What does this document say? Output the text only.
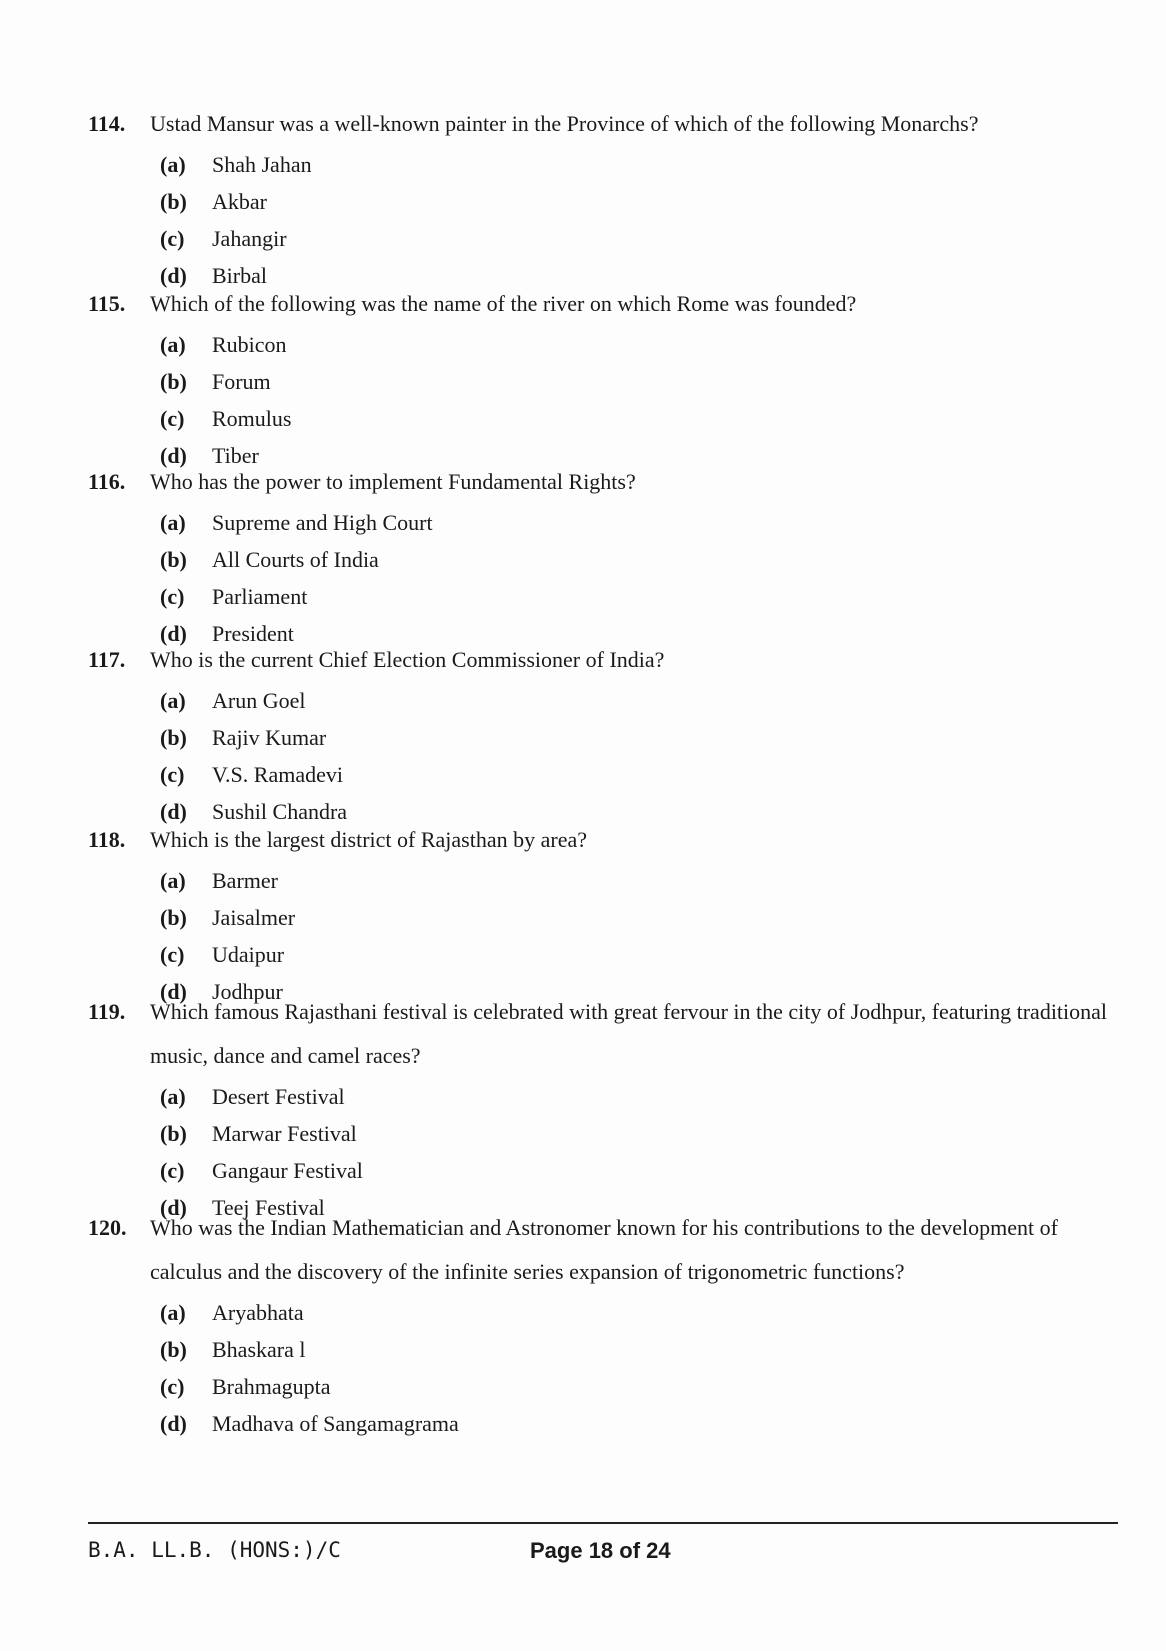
114.	Ustad Mansur was a well-known painter in the Province of which of the following Monarchs?
(a)	Shah Jahan
(b)	Akbar
(c)	Jahangir
(d)	Birbal
115.	Which of the following was the name of the river on which Rome was founded?
(a)	Rubicon
(b)	Forum
(c)	Romulus
(d)	Tiber
116.	Who has the power to implement Fundamental Rights?
(a)	Supreme and High Court
(b)	All Courts of India
(c)	Parliament
(d)	President
117.	Who is the current Chief Election Commissioner of India?
(a)	Arun Goel
(b)	Rajiv Kumar
(c)	V.S. Ramadevi
(d)	Sushil Chandra
118.	Which is the largest district of Rajasthan by area?
(a)	Barmer
(b)	Jaisalmer
(c)	Udaipur
(d)	Jodhpur
119.	Which famous Rajasthani festival is celebrated with great fervour in the city of Jodhpur, featuring traditional music, dance and camel races?
(a)	Desert Festival
(b)	Marwar Festival
(c)	Gangaur Festival
(d)	Teej Festival
120.	Who was the Indian Mathematician and Astronomer known for his contributions to the development of calculus and the discovery of the infinite series expansion of trigonometric functions?
(a)	Aryabhata
(b)	Bhaskara l
(c)	Brahmagupta
(d)	Madhava of Sangamagrama
B.A. LL.B. (HONS:)/C	Page 18 of 24
